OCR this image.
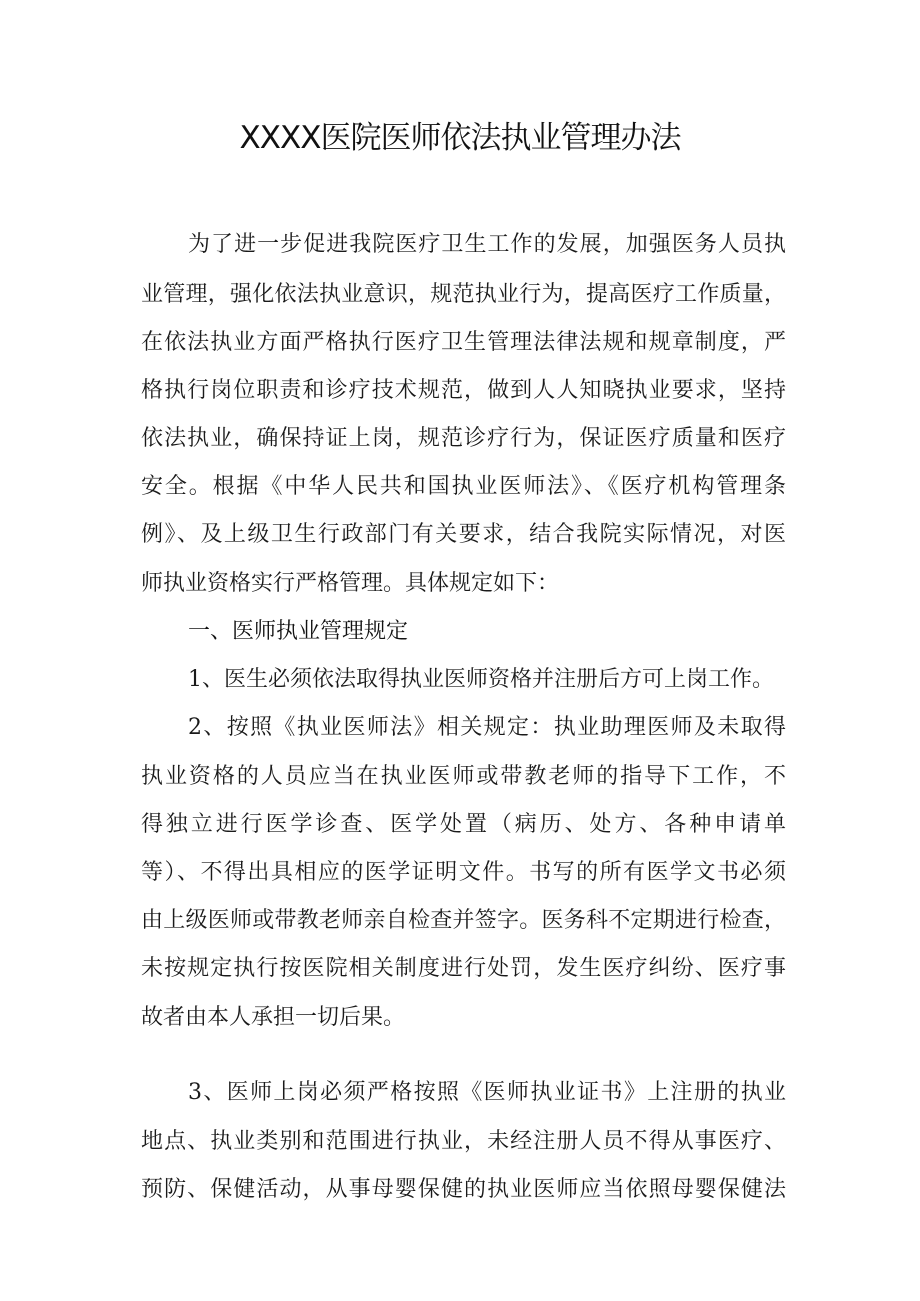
XXXX医院医师依法执业管理办法
为了进一步促进我院医疗卫生工作的发展，加强医务人员执
业管理，强化依法执业意识，规范执业行为，提高医疗工作质量，
在依法执业方面严格执行医疗卫生管理法律法规和规章制度，严
格执行岗位职责和诊疗技术规范，做到人人知晓执业要求，坚持
依法执业，确保持证上岗，规范诊疗行为，保证医疗质量和医疗
安全。根据《中华人民共和国执业医师法》、《医疗机构管理条
例》、及上级卫生行政部门有关要求，结合我院实际情况，对医
师执业资格实行严格管理。具体规定如下：
一、医师执业管理规定
1、医生必须依法取得执业医师资格并注册后方可上岗工作。
2、按照《执业医师法》相关规定：执业助理医师及未取得
执业资格的人员应当在执业医师或带教老师的指导下工作，不
得独立进行医学诊查、医学处置（病历、处方、各种申请单
等）、不得出具相应的医学证明文件。书写的所有医学文书必须
由上级医师或带教老师亲自检查并签字。医务科不定期进行检查，
未按规定执行按医院相关制度进行处罚，发生医疗纠纷、医疗事
故者由本人承担一切后果。
3、医师上岗必须严格按照《医师执业证书》上注册的执业
地点、执业类别和范围进行执业，未经注册人员不得从事医疗、
预防、保健活动，从事母婴保健的执业医师应当依照母婴保健法
